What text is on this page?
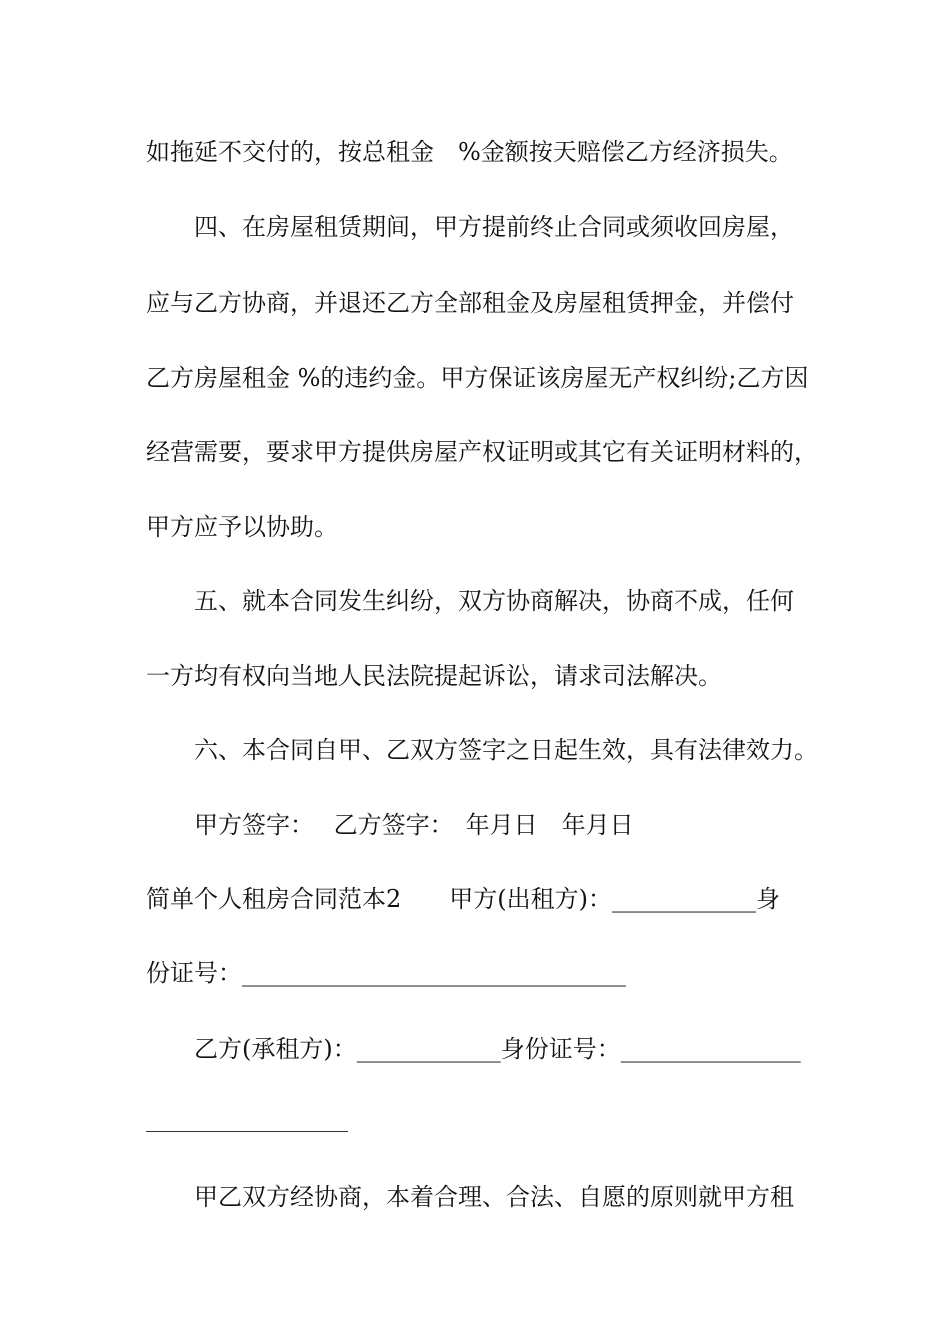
如拖延不交付的，按总租金　%金额按天赔偿乙方经济损失。
四、在房屋租赁期间，甲方提前终止合同或须收回房屋，
应与乙方协商，并退还乙方全部租金及房屋租赁押金，并偿付
乙方房屋租金 %的违约金。甲方保证该房屋无产权纠纷;乙方因
经营需要，要求甲方提供房屋产权证明或其它有关证明材料的，
甲方应予以协助。
五、就本合同发生纠纷，双方协商解决，协商不成，任何
一方均有权向当地人民法院提起诉讼，请求司法解决。
六、本合同自甲、乙双方签字之日起生效，具有法律效力。
甲方签字：　 乙方签字：　年月日　年月日
简单个人租房合同范本2　　甲方(出租方)：____________身
份证号：________________________________
乙方(承租方)：____________身份证号：_______________
甲乙双方经协商，本着合理、合法、自愿的原则就甲方租
